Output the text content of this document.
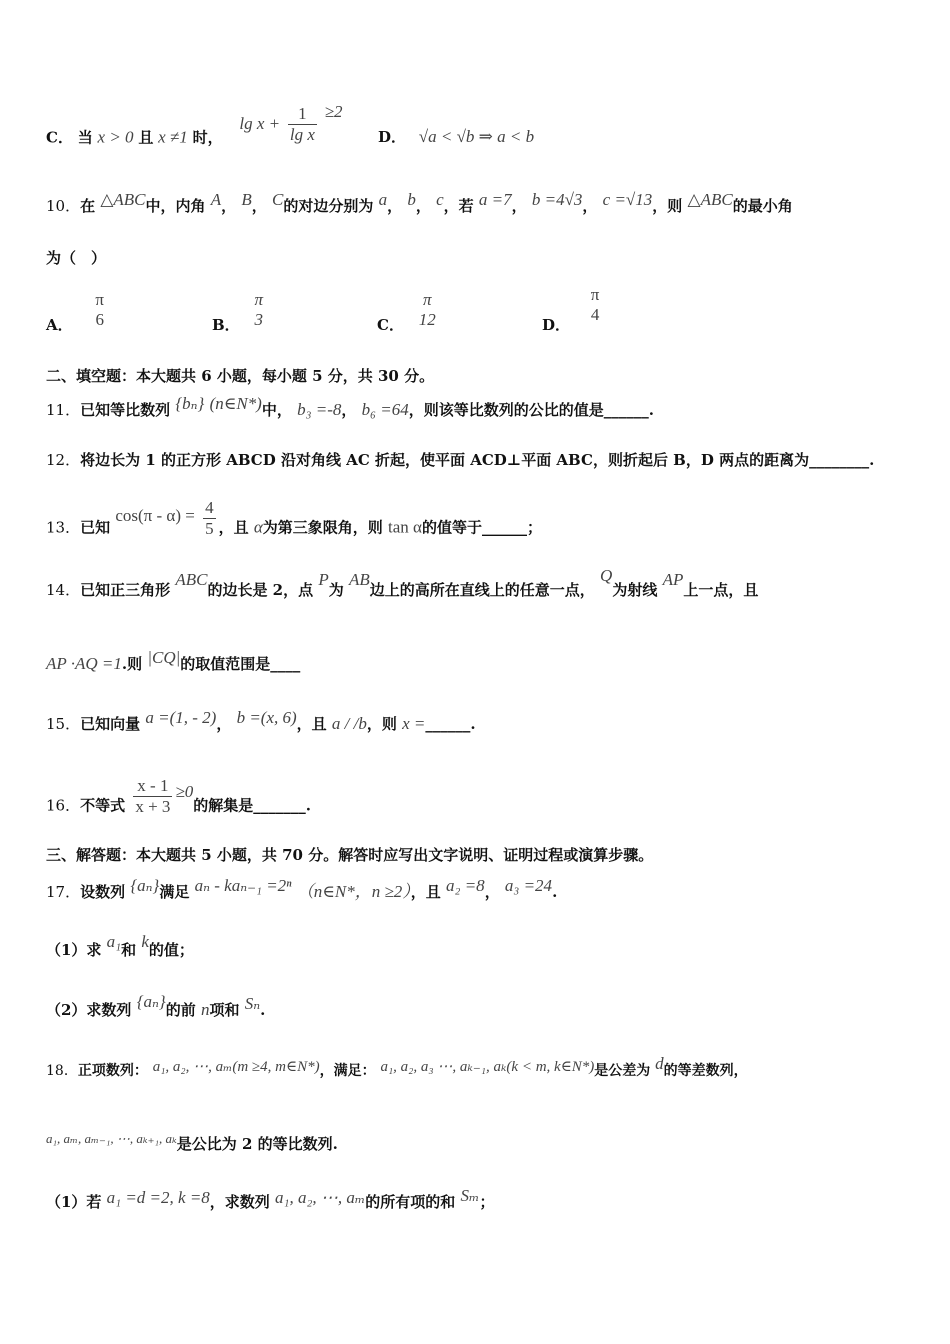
C． 当 x > 0 且 x ≠1 时， $\lg x + \frac{1}{\text{lg x}} \ge 2$
D． √a < √b ⇒ a < b
10．在 △ABC中，内角 A， B， C的对边分别为 a， b， c，若 a =7， b =4√3， c =√13，则 △ABC的最小角
为（　）
A．
π
6	B．
π
3	C．
π
12	D．
π
4
二、填空题：本大题共 6 小题，每小题 5 分，共 30 分。
11．已知等比数列 {bₙ} (n∈N*)中， b₃ =-8， b₆ =64，则该等比数列的公比的值是______.
12．将边长为 1 的正方形 ABCD 沿对角线 AC 折起，使平面 ACD⊥平面 ABC，则折起后 B，D 两点的距离为________.
13．已知 $\cos(\pi - \alpha) = \frac{4}{5}$ ，且 α为第三象限角，则 tan α的值等于______；
14．已知正三角形 ABC的边长是 2，点 P为 AB边上的高所在直线上的任意一点， Q为射线 AP上一点，且
AP ·AQ =1.则 |CQ|的取值范围是____
15．已知向量 a =(1, - 2)， b =(x, 6)，且 a / /b，则 x =______.
16．不等式 $\frac{x - 1}{x + 3} \ge 0$的解集是_______.
三、解答题：本大题共 5 小题，共 70 分。解答时应写出文字说明、证明过程或演算步骤。
17．设数列 {aₙ}满足 aₙ - kaₙ₋₁ =2ⁿ （n∈N*，n ≥2），且 a₂ =8， a₃ =24.
（1）求 a₁和 k的值；
（2）求数列 {aₙ}的前 n项和 Sₙ.
18．正项数列： a₁, a₂, ⋯, aₘ(m ≥4, m∈N*)，满足： a₁, a₂, a₃ ⋯, aₖ₋₁, aₖ(k < m, k∈N*)是公差为 d的等差数列，
a₁, aₘ, aₘ₋₁, ⋯, aₖ₊₁, aₖ是公比为 2 的等比数列.
（1）若 a₁ =d =2, k =8，求数列 a₁, a₂, ⋯, aₘ的所有项的和 Sₘ；
